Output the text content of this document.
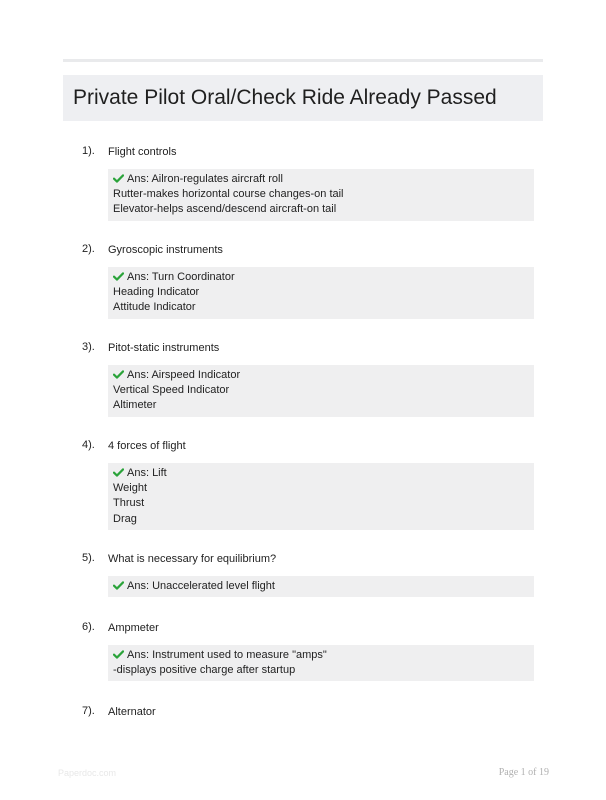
Private Pilot Oral/Check Ride Already Passed
1). Flight controls
Ans: Ailron-regulates aircraft roll
Rutter-makes horizontal course changes-on tail
Elevator-helps ascend/descend aircraft-on tail
2). Gyroscopic instruments
Ans: Turn Coordinator
Heading Indicator
Attitude Indicator
3). Pitot-static instruments
Ans: Airspeed Indicator
Vertical Speed Indicator
Altimeter
4). 4 forces of flight
Ans: Lift
Weight
Thrust
Drag
5). What is necessary for equilibrium?
Ans: Unaccelerated level flight
6). Ampmeter
Ans: Instrument used to measure "amps"
-displays positive charge after startup
7). Alternator
Paperdoc.com	Page 1 of 19
